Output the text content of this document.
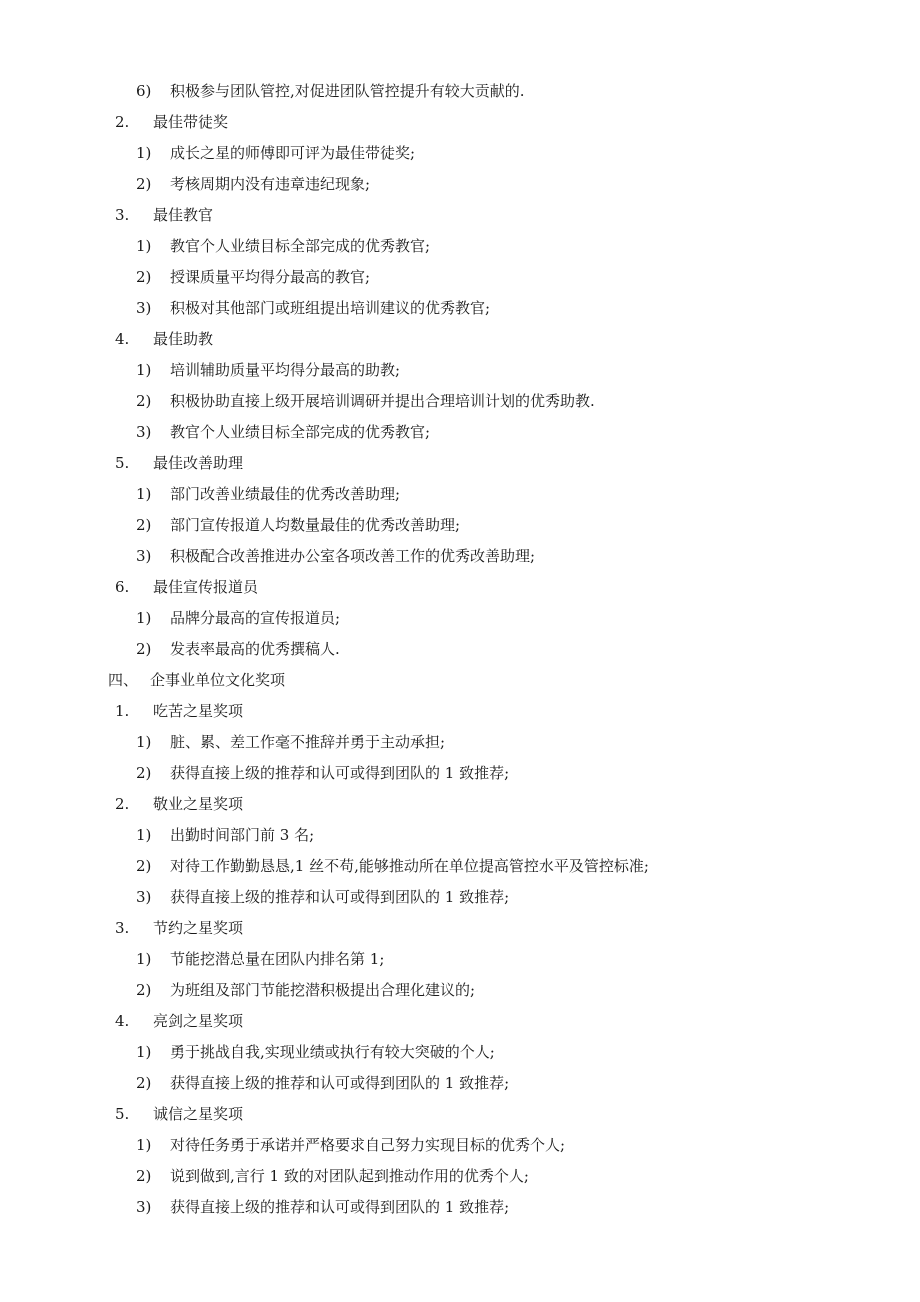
6) 积极参与团队管控,对促进团队管控提升有较大贡献的.
2. 最佳带徒奖
1) 成长之星的师傅即可评为最佳带徒奖;
2) 考核周期内没有违章违纪现象;
3. 最佳教官
1) 教官个人业绩目标全部完成的优秀教官;
2) 授课质量平均得分最高的教官;
3) 积极对其他部门或班组提出培训建议的优秀教官;
4. 最佳助教
1) 培训辅助质量平均得分最高的助教;
2) 积极协助直接上级开展培训调研并提出合理培训计划的优秀助教.
3) 教官个人业绩目标全部完成的优秀教官;
5. 最佳改善助理
1) 部门改善业绩最佳的优秀改善助理;
2) 部门宣传报道人均数量最佳的优秀改善助理;
3) 积极配合改善推进办公室各项改善工作的优秀改善助理;
6. 最佳宣传报道员
1) 品牌分最高的宣传报道员;
2) 发表率最高的优秀撰稿人.
四、 企事业单位文化奖项
1. 吃苦之星奖项
1) 脏、累、差工作毫不推辞并勇于主动承担;
2) 获得直接上级的推荐和认可或得到团队的 1 致推荐;
2. 敬业之星奖项
1) 出勤时间部门前 3 名;
2) 对待工作勤勤恳恳,1 丝不苟,能够推动所在单位提高管控水平及管控标准;
3) 获得直接上级的推荐和认可或得到团队的 1 致推荐;
3. 节约之星奖项
1) 节能挖潜总量在团队内排名第 1;
2) 为班组及部门节能挖潜积极提出合理化建议的;
4. 亮剑之星奖项
1) 勇于挑战自我,实现业绩或执行有较大突破的个人;
2) 获得直接上级的推荐和认可或得到团队的 1 致推荐;
5. 诚信之星奖项
1) 对待任务勇于承诺并严格要求自己努力实现目标的优秀个人;
2) 说到做到,言行 1 致的对团队起到推动作用的优秀个人;
3) 获得直接上级的推荐和认可或得到团队的 1 致推荐;
